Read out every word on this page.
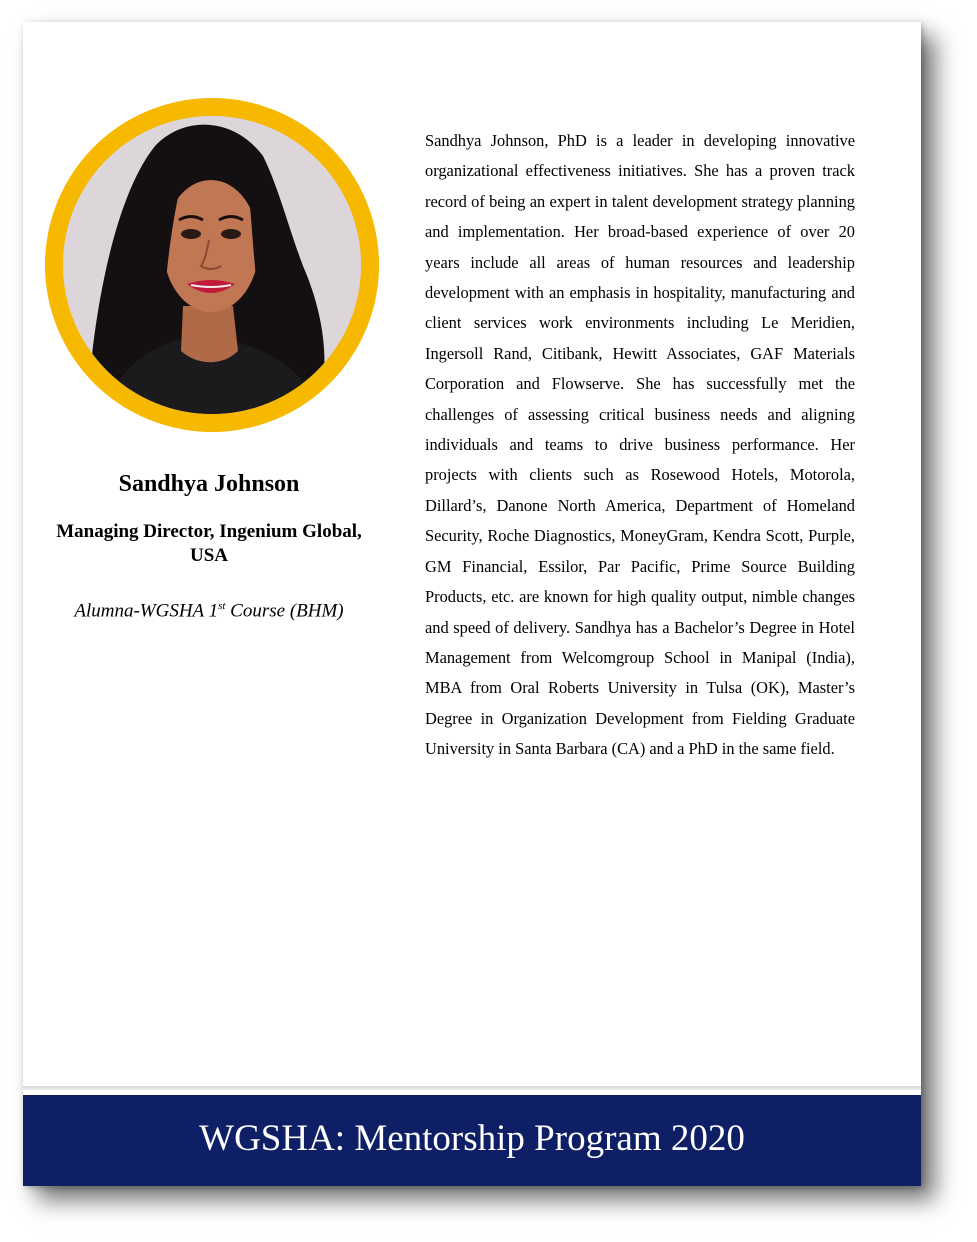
Sandhya Johnson
Managing Director, Ingenium Global, USA
Alumna-WGSHA 1st Course (BHM)

Sandhya Johnson, PhD is a leader in developing innovative organizational effectiveness initiatives. She has a proven track record of being an expert in talent development strategy planning and implementation. Her broad-based experience of over 20 years include all areas of human resources and leadership development with an emphasis in hospitality, manufacturing and client services work environments including Le Meridien, Ingersoll Rand, Citibank, Hewitt Associates, GAF Materials Corporation and Flowserve. She has successfully met the challenges of assessing critical business needs and aligning individuals and teams to drive business performance. Her projects with clients such as Rosewood Hotels, Motorola, Dillard’s, Danone North America, Department of Homeland Security, Roche Diagnostics, MoneyGram, Kendra Scott, Purple, GM Financial, Essilor, Par Pacific, Prime Source Building Products, etc. are known for high quality output, nimble changes and speed of delivery. Sandhya has a Bachelor’s Degree in Hotel Management from Welcomgroup School in Manipal (India), MBA from Oral Roberts University in Tulsa (OK), Master’s Degree in Organization Development from Fielding Graduate University in Santa Barbara (CA) and a PhD in the same field.

WGSHA: Mentorship Program 2020
